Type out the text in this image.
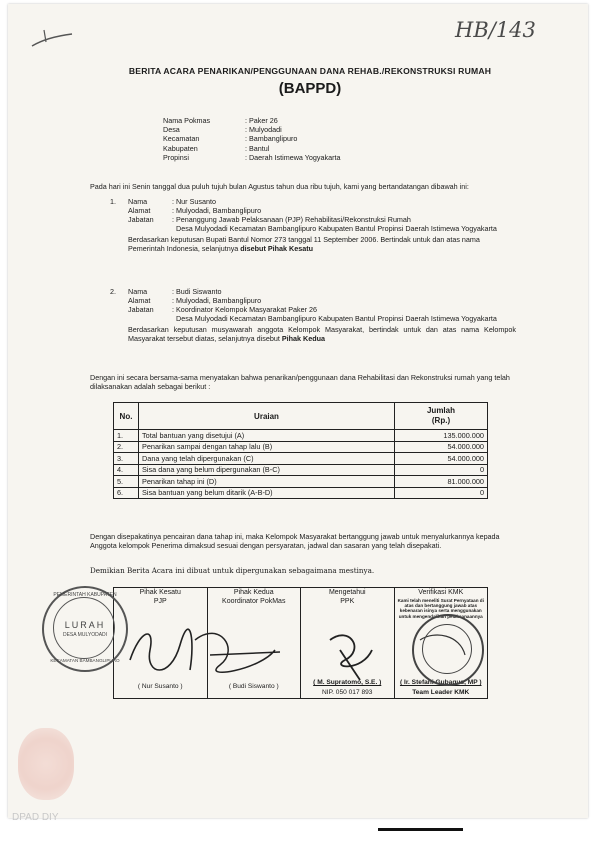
HB/143
BERITA ACARA PENARIKAN/PENGGUNAAN DANA REHAB./REKONSTRUKSI RUMAH
(BAPPD)
Nama Pokmas	: Paker 26
Desa	: Mulyodadi
Kecamatan	: Bambanglipuro
Kabupaten	: Bantul
Propinsi	: Daerah Istimewa Yogyakarta
Pada hari ini Senin tanggal dua puluh tujuh bulan Agustus tahun dua ribu tujuh, kami yang bertandatangan dibawah ini:
1.	Nama	: Nur Susanto
Alamat	: Mulyodadi, Bambanglipuro
Jabatan	: Penanggung Jawab Pelaksanaan (PJP) Rehabilitasi/Rekonstruksi Rumah
Desa Mulyodadi Kecamatan Bambanglipuro Kabupaten Bantul Propinsi Daerah Istimewa Yogyakarta
Berdasarkan keputusan Bupati Bantul Nomor 273 tanggal 11 September 2006. Bertindak untuk dan atas nama Pemerintah Indonesia, selanjutnya disebut Pihak Kesatu
2.	Nama	: Budi Siswanto
Alamat	: Mulyodadi, Bambanglipuro
Jabatan	: Koordinator Kelompok Masyarakat Paker 26
Desa Mulyodadi Kecamatan Bambanglipuro Kabupaten Bantul Propinsi Daerah Istimewa Yogyakarta
Berdasarkan keputusan musyawarah anggota Kelompok Masyarakat, bertindak untuk dan atas nama Kelompok Masyarakat tersebut diatas, selanjutnya disebut Pihak Kedua
Dengan ini secara bersama-sama menyatakan bahwa penarikan/penggunaan dana Rehabilitasi dan Rekonstruksi rumah yang telah dilaksanakan adalah sebagai berikut :
No.	Uraian	Jumlah
(Rp.)
1.	Total bantuan yang disetujui (A)	135.000.000
2.	Penarikan sampai dengan tahap lalu (B)	54.000.000
3.	Dana yang telah dipergunakan (C)	54.000.000
4.	Sisa dana yang belum dipergunakan (B-C)	0
5.	Penarikan tahap ini (D)	81.000.000
6.	Sisa bantuan yang belum ditarik (A-B-D)	0
Dengan disepakatinya pencairan dana tahap ini, maka Kelompok Masyarakat bertanggung jawab untuk menyalurkannya kepada Anggota kelompok Penerima dimaksud sesuai dengan persyaratan, jadwal dan sasaran yang telah disepakati.
Demikian Berita Acara ini dibuat untuk dipergunakan sebagaimana mestinya.
Pihak Kesatu
PJP
( Nur Susanto )

Pihak Kedua
Koordinator PokMas
( Budi Siswanto )

Mengetahui
PPK
( M. Supratomo, S.E. )
NIP. 050 017 893

Verifikasi KMK
Kami telah meneliti Surat Pernyataan di atas dan bertanggung jawab atas kebenaran isinya serta menggunakan untuk mengendalikan pelaksanaannya
( Ir. Stefani Gubagus, MP )
Team Leader KMK
PEMERINTAH KABUPATEN
LURAH
DESA MULYODADI
KECAMATAN BAMBANGLIPURO
DPAD DIY
